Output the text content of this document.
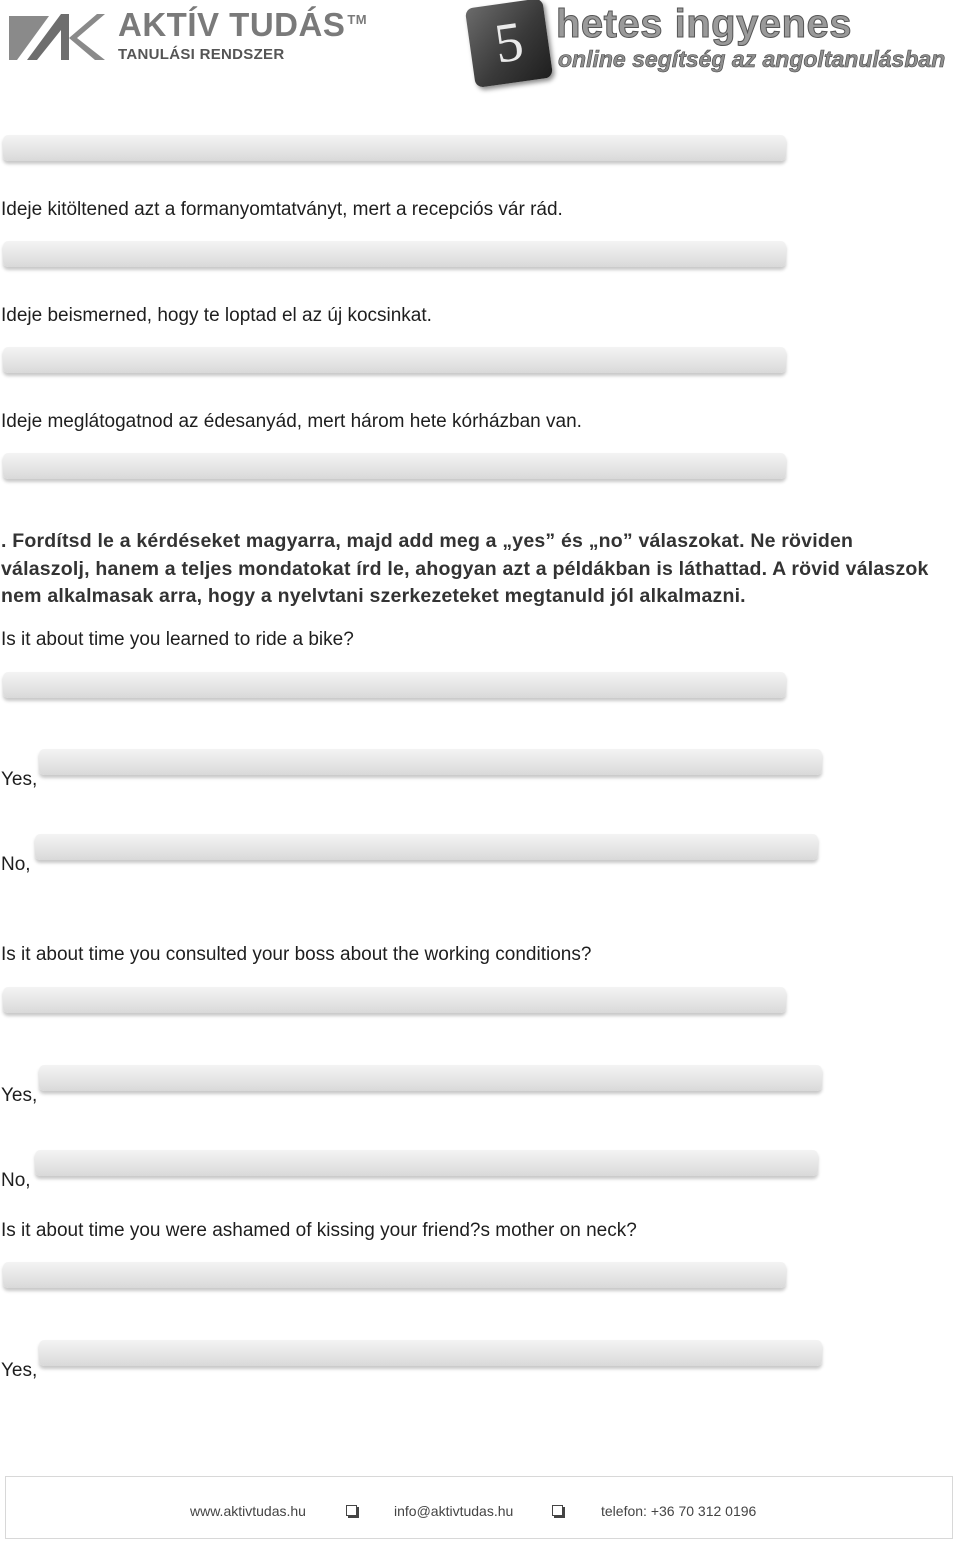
AKTÍV TUDÁS ™
TANULÁSI RENDSZER	5 hetes ingyenes
online segítség az angoltanulásban
Ideje kitöltened azt a formanyomtatványt, mert a recepciós vár rád.
Ideje beismerned, hogy te loptad el az új kocsinkat.
Ideje meglátogatnod az édesanyád, mert három hete kórházban van.
. Fordítsd le a kérdéseket magyarra, majd add meg a „yes” és „no” válaszokat. Ne röviden válaszolj, hanem a teljes mondatokat írd le, ahogyan azt a példákban is láthattad. A rövid válaszok nem alkalmasak arra, hogy a nyelvtani szerkezeteket megtanuld jól alkalmazni.
Is it about time you learned to ride a bike?
Yes,
No,
Is it about time you consulted your boss about the working conditions?
Yes,
No,
Is it about time you were ashamed of kissing your friend?s mother on neck?
Yes,
www.aktivtudas.hu	info@aktivtudas.hu	telefon: +36 70 312 0196
